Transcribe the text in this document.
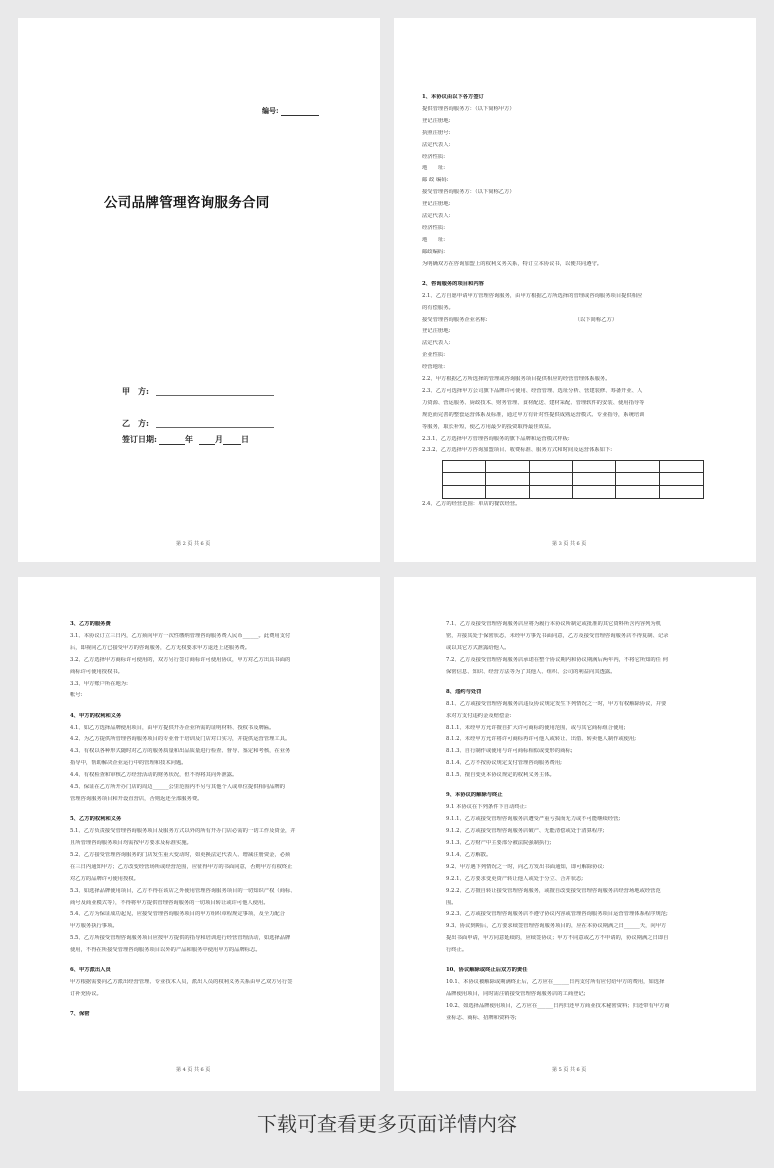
编号:
公司品牌管理咨询服务合同
甲　方:
乙　方:
签订日期:	年	月 日
第 2 页 共 6 页	第 3 页 共 6 页
1、本协议由以下各方签订
提供管理咨询服务方：（以下简称甲方）
登记注册地:
执照注册号:
法定代表人:
经济性质:
地　　址:
邮 政 编码:
接受管理咨询服务方：（以下简称乙方）
登记注册地:
法定代表人:
经济性质:
地　　址:
邮政编码:
为明确双方在咨询加盟上的权利义务关系，特订立本协议书，以便共同遵守。
2、咨询服务的项目和内容
2.1、乙方自愿申请甲方管理咨询服务，由甲方根据乙方所选择的管理或咨询服务项目提供相应
的有偿服务。
接受管理咨询服务企业名称:　　　　　　　　　　　　　　　　　（以下简称乙方）
登记注册地:
法定代表人:
企业性质:
经营地址:
2.2、甲方根据乙方所选择的管理或咨询服务项目提供相应的经营管理体系服务。
2.3、乙方可选择甲方公司旗下品牌许可使用、经营管理、选址分析、营建装修、筹备开业、人
力资源、营运服务、厨政技术、财务管理、食材配送、建材采配、管理软件的安装、使用指导等
规范而完善的整套运营体系及标准，通过甲方有针对性提供成熟运营模式、专业指导，系统培训
等服务，取长补短，使乙方用最少的投资取得最佳效益。
2.3.1、乙方选择甲方管理咨询服务的旗下品牌和运营模式样板:
2.3.2、乙方选择甲方咨询加盟项目、收费标准、服务方式和时间及运营体系如下:
2.4、乙方的经营范围：单店的餐饮经营。
第 4 页 共 6 页
3、乙方的服务费
3.1、本协议订立三日内，乙方须向甲方一次性缴纳管理咨询服务费人民币______。此费用支付
后，即视同乙方已接受甲方的咨询服务，乙方无权要求甲方退还上述服务费。
3.2、乙方选择甲方商标许可使用的，双方另行签订商标许可使用协议，甲方对乙方出具书面的
商标许可使用授权书。
3.3、甲方账户所在地为:
帐号:
4、甲方的权利和义务
4.1、如乙方选择品牌使用项目，由甲方提供开办企业所需的证明材料、授权书及牌匾。
4.2、为乙方提供所管理咨询服务项目的专业骨干培训及门店对口实习，并提供运营管理工具。
4.3、有权以各种形式随时对乙方的服务质量和出品质量进行检查、督导、鉴定和考核，在业务
指导中，帮助解决企业运行中的管理和技术问题。
4.4、有权检查和审核乙方经营活动的财务状况，但不得将其向外泄露。
4.5、保证在乙方所开办门店的周边______公里范围内不另与其他个人或单位提供相同品牌的
管理咨询服务项目和开设直营店，否则返还全部服务费。
5、乙方的权利和义务
5.1、乙方负责接受管理咨询服务项目及服务方式以外的所有开办门店必需的一切工作及资金，并
且所管理咨询服务项目均需按甲方要求及标准实施。
5.2、乙方接受管理咨询服务的门店发生重大变动时，如更换法定代表人、增减注册资金，必须
在三日内通知甲方；乙方改变经营场所或经营范围，应征得甲方的书面同意，否则甲方有权终止
对乙方的品牌许可使用授权。
5.3、如选择品牌使用项目，乙方不得在该店之外使用管理咨询服务项目的一切知识产权（商标、
商号及商业模式等），不得将甲方提供管理咨询服务的一切项目转让或许可他人使用。
5.4、乙方为保证成功起见，应接受管理咨询服务项目的甲方组织章程规定事项，及全力配合
甲方服务执行事项。
5.5、乙方所接受管理咨询服务项目应按甲方提供的指导和培训进行经营管理活动，如选择品牌
使用，不得在所接受管理咨询服务项目以外的产品和服务中使用甲方的品牌标志。
6、甲方派出人员
甲方根据需要向乙方派出经营管理、专业技术人员，派出人员的权利义务关系由甲乙双方另行签
订补充协议。
7、保密
第 5 页 共 6 页
7.1、乙方及接受管理咨询服务店应将为履行本协议所制定或批准的其它资料所含内容列为机
密，并接其处于保密状态，未经甲方事先书面同意，乙方及接受管理咨询服务店不得复制、记录
或以其它方式泄露给他人。
7.2、乙方及接受管理咨询服务店承诺在整个协议期内和协议期满后两年内，不将它所知的任 何
保密信息、知识、经营方法等为了其他人、组织、公司的利益向其透露。
8、违约与处罚
8.1、乙方或接受管理咨询服务店违反协议规定发生下列情况之一时，甲方有权解除协议，并要
求对方支付违约金及赔偿金:
8.1.1、未经甲方允许擅自扩大许可商标的使用范围，或与其它商标组合使用;
8.1.2、未经甲方允许将许可商标再许可他人或转让、出借、转卖他人制作或使用;
8.1.3、自行制作或使用与许可商标相似或变形的商标;
8.1.4、乙方不按协议规定支付管理咨询服务费用;
8.1.5、擅自变更本协议规定的权利义务主体。
9、本协议的解除与终止
9.1 本协议在下列条件下自动终止:
9.1.1、乙方或接受管理咨询服务店遭受严重亏损而无力或不可能继续经营;
9.1.2、乙方或接受管理咨询服务店破产、无能清偿或处于清算程序;
9.1.3、乙方财产中主要部分被法院强制执行;
9.1.4、乙方解散。
9.2、甲方遇下列情况之一时，向乙方发出书面通知，即可解除协议:
9.2.1、乙方要求变更资产转让他人或处于分立、合并状态;
9.2.2、乙方擅自转让接受管理咨询服务，或擅自改变接受管理咨询服务店经营场地或经营范
围。
9.2.3、乙方或接受管理咨询服务店不遵守协议内容或管理咨询服务项目运营管理体系程序规范;
9.3、协议到期后，乙方要求续签管理咨询服务项目的，应在本协议期满之日______天，向甲方
提出书面申请，甲方同意延续的，应续签协议；甲方不同意或乙方不申请的，协议期满之日即自
行终止。
10、协议解除或终止后双方的责任
10.1、本协议被解除或期满终止后，乙方应在______日内支付所有应付给甲方的费用，如选择
品牌使用项目，同时需注销接受管理咨询服务店的工商登记;
10.2、如选择品牌使用项目，乙方应在______日内归还甲方商业技术秘密资料；归还带有甲方商
业标志、商标、招牌和资料等;
下载可查看更多页面详情内容
